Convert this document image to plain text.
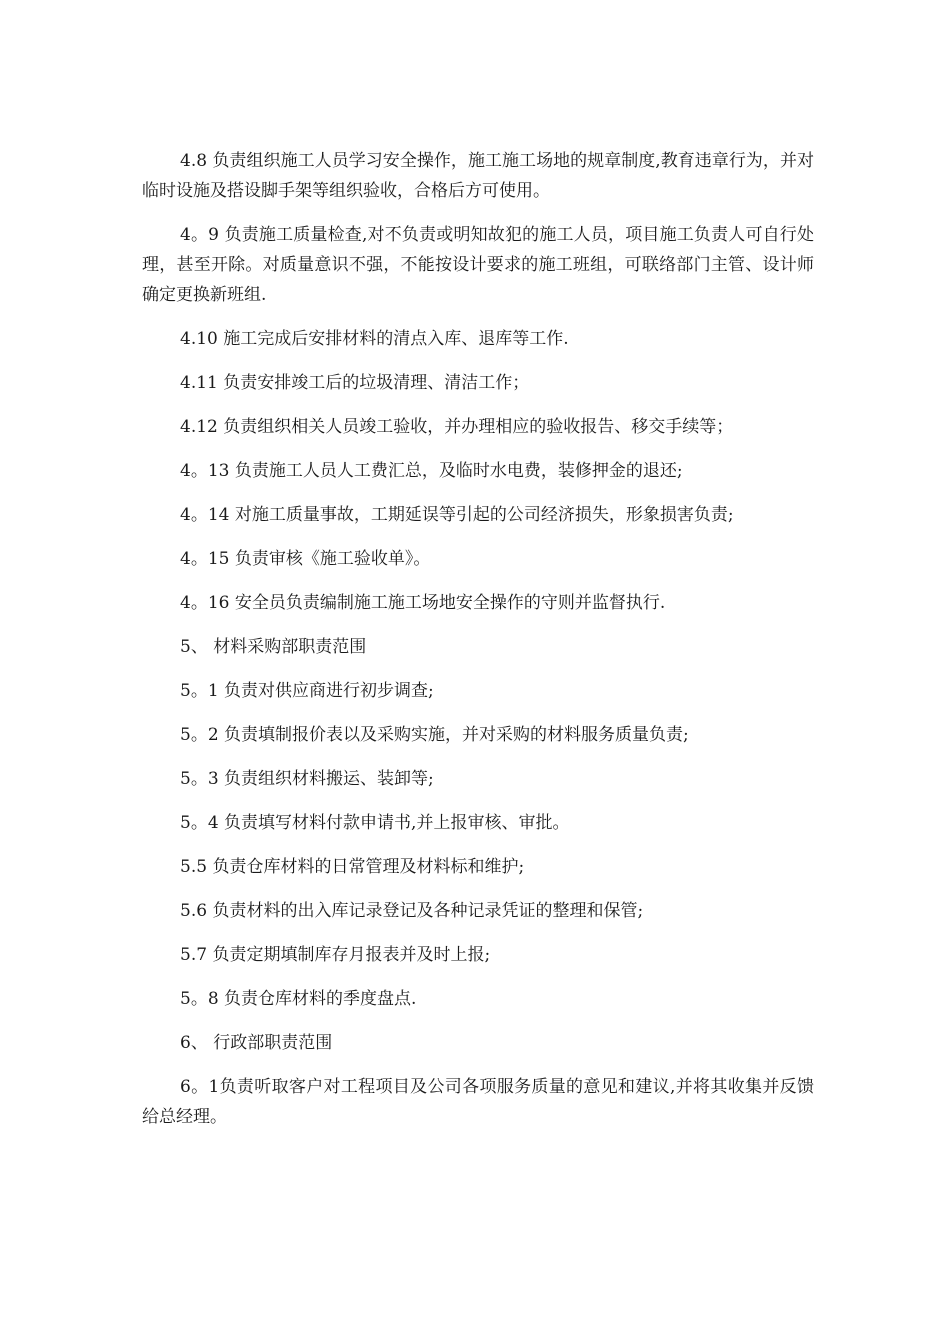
4.8 负责组织施工人员学习安全操作，施工施工场地的规章制度,教育违章行为，并对临时设施及搭设脚手架等组织验收，合格后方可使用。

4。9 负责施工质量检查,对不负责或明知故犯的施工人员，项目施工负责人可自行处理，甚至开除。对质量意识不强，不能按设计要求的施工班组，可联络部门主管、设计师确定更换新班组.

4.10 施工完成后安排材料的清点入库、退库等工作.

4.11 负责安排竣工后的垃圾清理、清洁工作；

4.12 负责组织相关人员竣工验收，并办理相应的验收报告、移交手续等；

4。13 负责施工人员人工费汇总，及临时水电费，装修押金的退还;

4。14 对施工质量事故，工期延误等引起的公司经济损失，形象损害负责;

4。15 负责审核《施工验收单》。

4。16 安全员负责编制施工施工场地安全操作的守则并监督执行.

5、 材料采购部职责范围

5。1 负责对供应商进行初步调查;

5。2 负责填制报价表以及采购实施，并对采购的材料服务质量负责;

5。3 负责组织材料搬运、装卸等;

5。4 负责填写材料付款申请书,并上报审核、审批。

5.5 负责仓库材料的日常管理及材料标和维护;

5.6 负责材料的出入库记录登记及各种记录凭证的整理和保管;

5.7 负责定期填制库存月报表并及时上报;

5。8 负责仓库材料的季度盘点.

6、 行政部职责范围

6。1负责听取客户对工程项目及公司各项服务质量的意见和建议,并将其收集并反馈给总经理。
